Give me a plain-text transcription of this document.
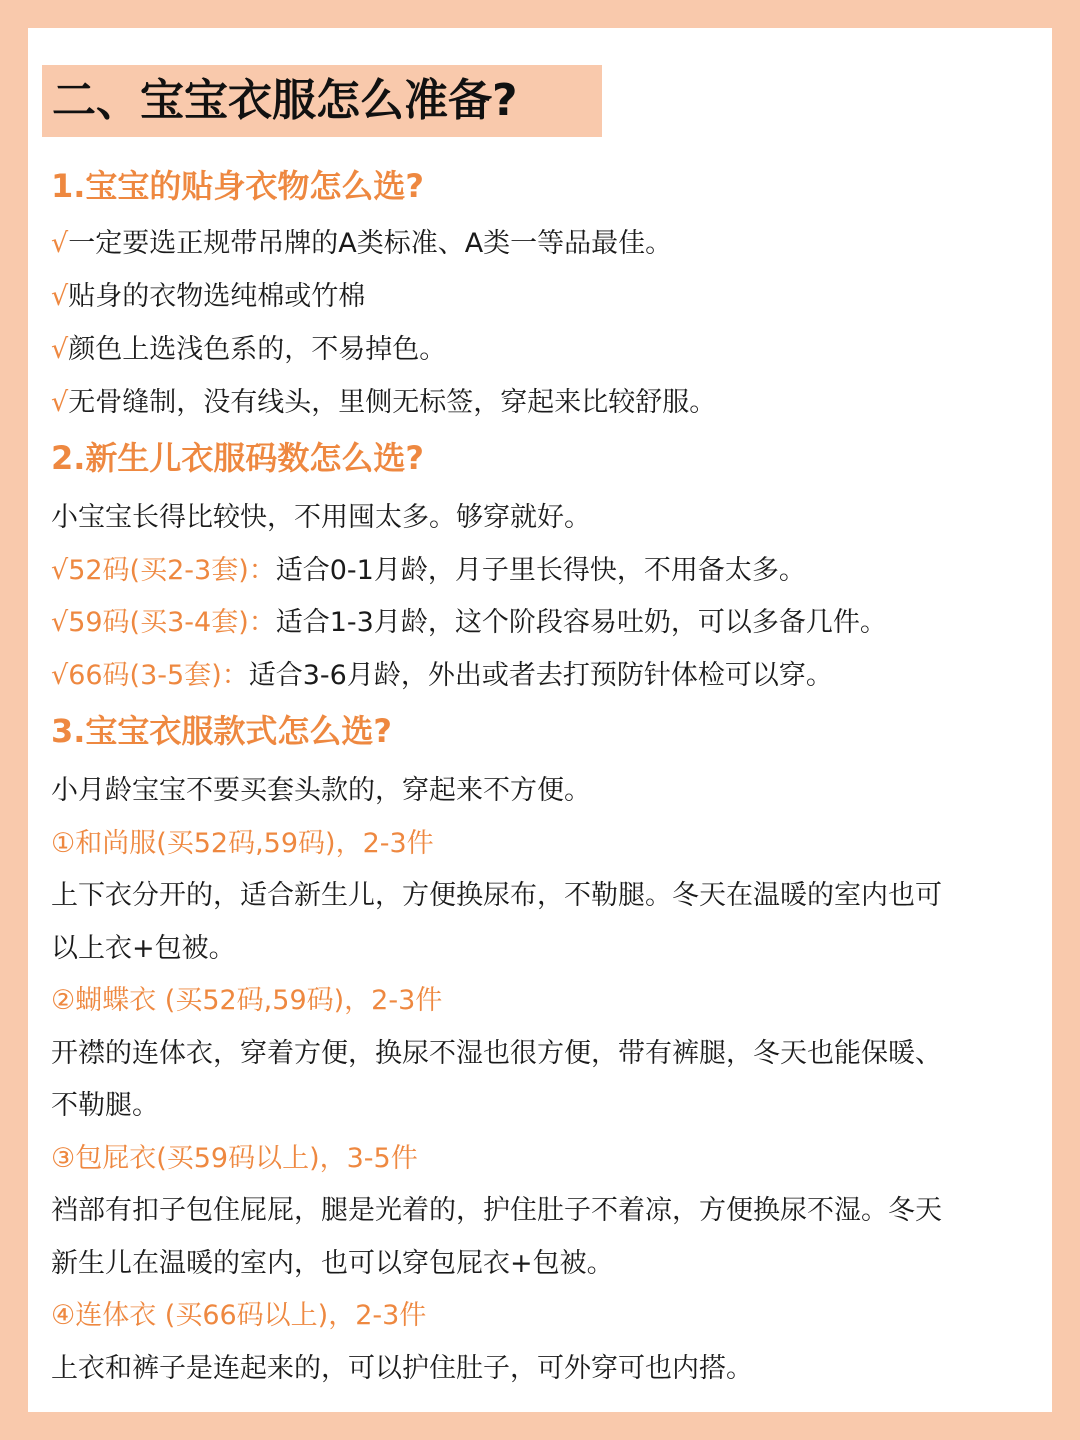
二、宝宝衣服怎么准备?
1.宝宝的贴身衣物怎么选?
√一定要选正规带吊牌的A类标准、A类一等品最佳。
√贴身的衣物选纯棉或竹棉
√颜色上选浅色系的，不易掉色。
√无骨缝制，没有线头，里侧无标签，穿起来比较舒服。
2.新生儿衣服码数怎么选?
小宝宝长得比较快，不用囤太多。够穿就好。
√52码(买2-3套)：适合0-1月龄，月子里长得快，不用备太多。
√59码(买3-4套)：适合1-3月龄，这个阶段容易吐奶，可以多备几件。
√66码(3-5套)：适合3-6月龄，外出或者去打预防针体检可以穿。
3.宝宝衣服款式怎么选?
小月龄宝宝不要买套头款的，穿起来不方便。
①和尚服(买52码,59码)，2-3件
上下衣分开的，适合新生儿，方便换尿布，不勒腿。冬天在温暖的室内也可
以上衣+包被。
②蝴蝶衣 (买52码,59码)，2-3件
开襟的连体衣，穿着方便，换尿不湿也很方便，带有裤腿，冬天也能保暖、
不勒腿。
③包屁衣(买59码以上)，3-5件
裆部有扣子包住屁屁，腿是光着的，护住肚子不着凉，方便换尿不湿。冬天
新生儿在温暖的室内，也可以穿包屁衣+包被。
④连体衣 (买66码以上)，2-3件
上衣和裤子是连起来的，可以护住肚子，可外穿可也内搭。
